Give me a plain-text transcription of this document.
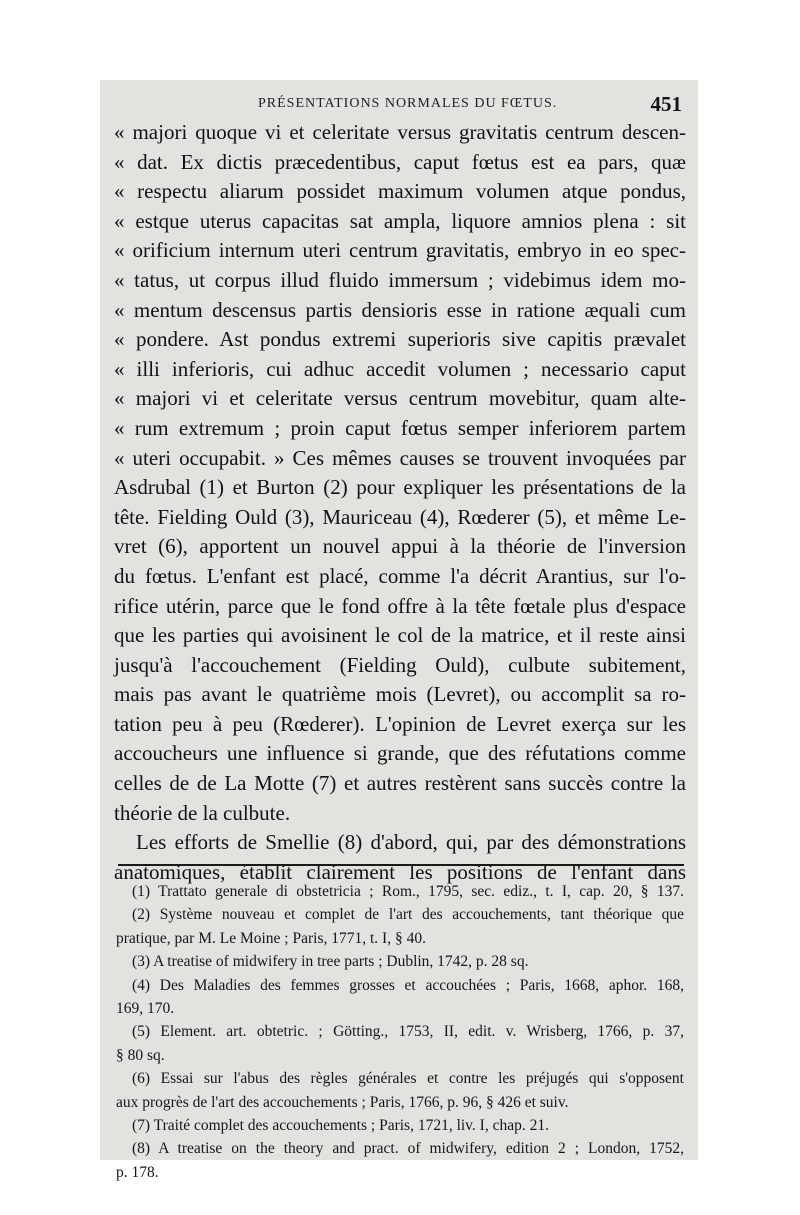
PRÉSENTATIONS NORMALES DU FŒTUS.	451
« majori quoque vi et celeritate versus gravitatis centrum descen-
« dat. Ex dictis præcedentibus, caput fœtus est ea pars, quæ
« respectu aliarum possidet maximum volumen atque pondus,
« estque uterus capacitas sat ampla, liquore amnios plena : sit
« orificium internum uteri centrum gravitatis, embryo in eo spec-
« tatus, ut corpus illud fluido immersum ; videbimus idem mo-
« mentum descensus partis densioris esse in ratione æquali cum
« pondere. Ast pondus extremi superioris sive capitis prævalet
« illi inferioris, cui adhuc accedit volumen ; necessario caput
« majori vi et celeritate versus centrum movebitur, quam alte-
« rum extremum ; proin caput fœtus semper inferiorem partem
« uteri occupabit. » Ces mêmes causes se trouvent invoquées par
Asdrubal (1) et Burton (2) pour expliquer les présentations de la
tête. Fielding Ould (3), Mauriceau (4), Rœderer (5), et même Le-
vret (6), apportent un nouvel appui à la théorie de l'inversion
du fœtus. L'enfant est placé, comme l'a décrit Arantius, sur l'o-
rifice utérin, parce que le fond offre à la tête fœtale plus d'espace
que les parties qui avoisinent le col de la matrice, et il reste ainsi
jusqu'à l'accouchement (Fielding Ould), culbute subitement,
mais pas avant le quatrième mois (Levret), ou accomplit sa ro-
tation peu à peu (Rœderer). L'opinion de Levret exerça sur les
accoucheurs une influence si grande, que des réfutations comme
celles de de La Motte (7) et autres restèrent sans succès contre la
théorie de la culbute.
Les efforts de Smellie (8) d'abord, qui, par des démonstrations
anatomiques, établit clairement les positions de l'enfant dans
(1) Trattato generale di obstetricia ; Rom., 1795, sec. ediz., t. I, cap. 20, § 137.
(2) Système nouveau et complet de l'art des accouchements, tant théorique que
pratique, par M. Le Moine ; Paris, 1771, t. I, § 40.
(3) A treatise of midwifery in tree parts ; Dublin, 1742, p. 28 sq.
(4) Des Maladies des femmes grosses et accouchées ; Paris, 1668, aphor. 168,
169, 170.
(5) Element. art. obtetric. ; Götting., 1753, II, edit. v. Wrisberg, 1766, p. 37,
§ 80 sq.
(6) Essai sur l'abus des règles générales et contre les préjugés qui s'opposent
aux progrès de l'art des accouchements ; Paris, 1766, p. 96, § 426 et suiv.
(7) Traité complet des accouchements ; Paris, 1721, liv. I, chap. 21.
(8) A treatise on the theory and pract. of midwifery, edition 2 ; London, 1752,
p. 178.
